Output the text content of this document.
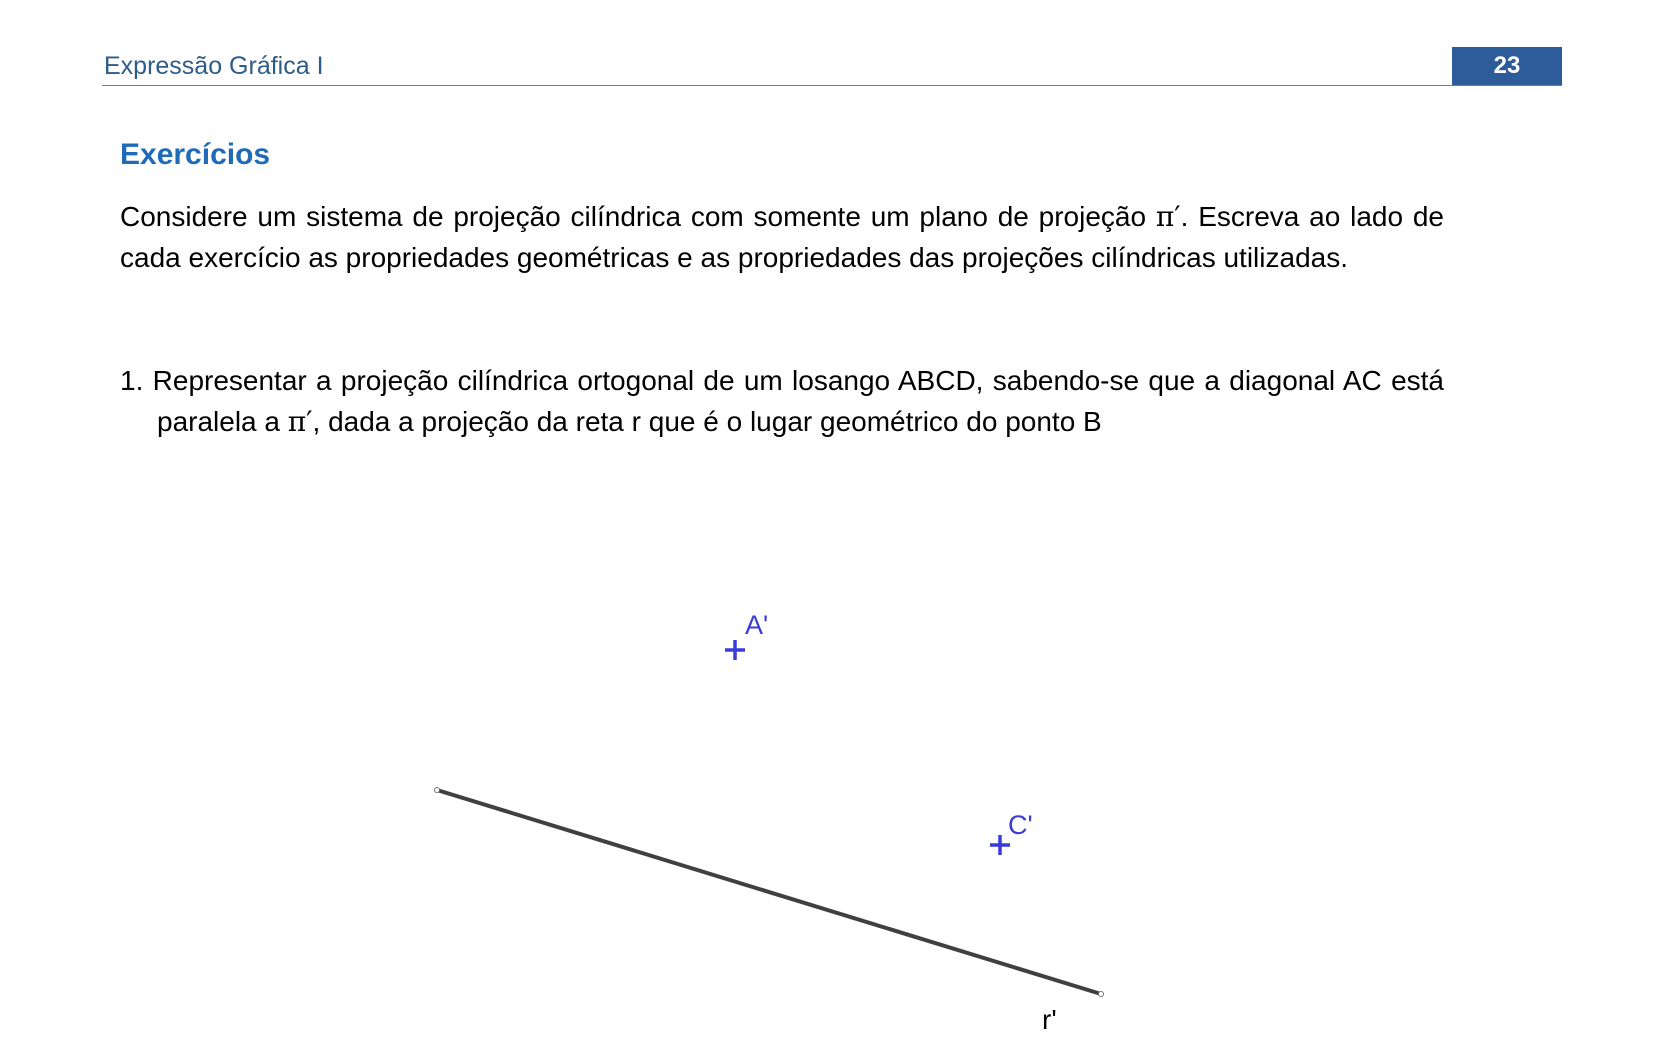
Expressão Gráfica I	23
Exercícios
Considere um sistema de projeção cilíndrica com somente um plano de projeção π′. Escreva ao lado de cada exercício as propriedades geométricas e as propriedades das projeções cilíndricas utilizadas.
1. Representar a projeção cilíndrica ortogonal de um losango ABCD, sabendo-se que a diagonal AC está paralela a π′, dada a projeção da reta r que é o lugar geométrico do ponto B
r'
A'
C'
